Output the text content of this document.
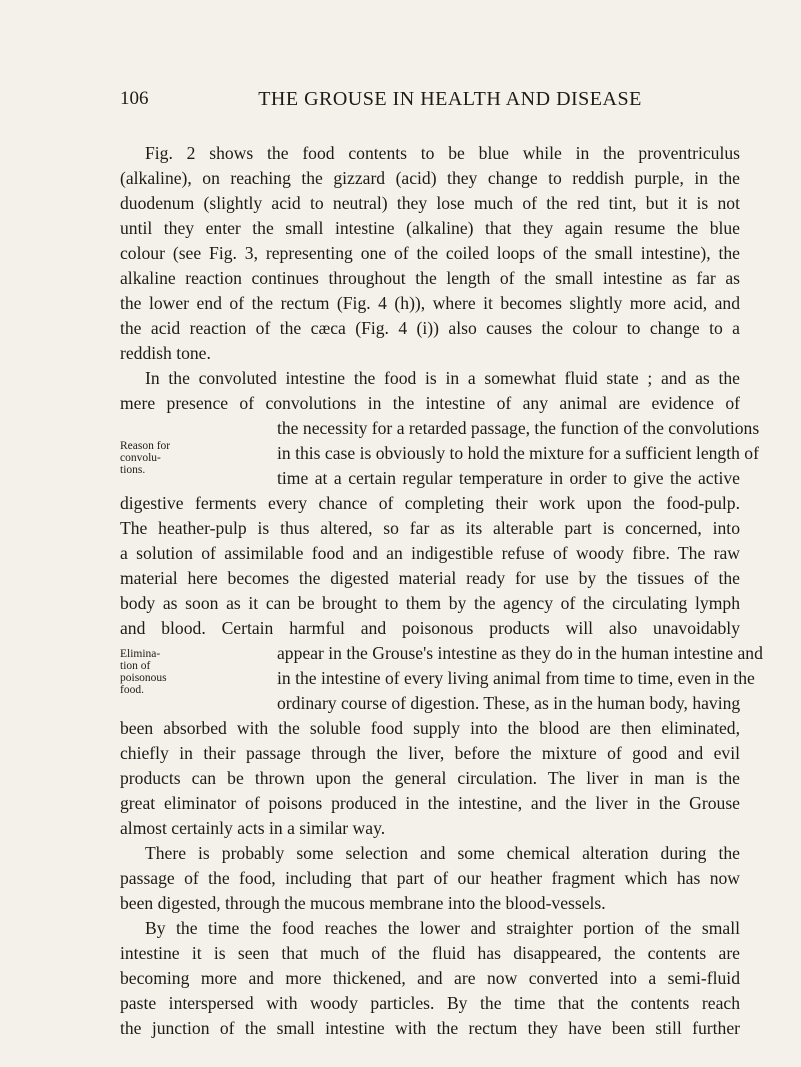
106	THE GROUSE IN HEALTH AND DISEASE
Fig. 2 shows the food contents to be blue while in the proventriculus
(alkaline), on reaching the gizzard (acid) they change to reddish purple, in the
duodenum (slightly acid to neutral) they lose much of the red tint, but it is not
until they enter the small intestine (alkaline) that they again resume the blue
colour (see Fig. 3, representing one of the coiled loops of the small intestine), the
alkaline reaction continues throughout the length of the small intestine as far as
the lower end of the rectum (Fig. 4 (h)), where it becomes slightly more acid, and
the acid reaction of the cæca (Fig. 4 (i)) also causes the colour to change to a
reddish tone.
In the convoluted intestine the food is in a somewhat fluid state ; and as the
mere presence of convolutions in the intestine of any animal are evidence of
the necessity for a retarded passage, the function of the convolutions
in this case is obviously to hold the mixture for a sufficient length of
time at a certain regular temperature in order to give the active
Reason for
convolu-
tions.
digestive ferments every chance of completing their work upon the food-pulp.
The heather-pulp is thus altered, so far as its alterable part is concerned, into
a solution of assimilable food and an indigestible refuse of woody fibre. The raw
material here becomes the digested material ready for use by the tissues of the
body as soon as it can be brought to them by the agency of the circulating lymph
and blood. Certain harmful and poisonous products will also unavoidably
appear in the Grouse's intestine as they do in the human intestine and
in the intestine of every living animal from time to time, even in the
ordinary course of digestion. These, as in the human body, having
Elimina-
tion of
poisonous
food.
been absorbed with the soluble food supply into the blood are then eliminated,
chiefly in their passage through the liver, before the mixture of good and evil
products can be thrown upon the general circulation. The liver in man is the
great eliminator of poisons produced in the intestine, and the liver in the Grouse
almost certainly acts in a similar way.
There is probably some selection and some chemical alteration during the
passage of the food, including that part of our heather fragment which has now
been digested, through the mucous membrane into the blood-vessels.
By the time the food reaches the lower and straighter portion of the small
intestine it is seen that much of the fluid has disappeared, the contents are
becoming more and more thickened, and are now converted into a semi-fluid
paste interspersed with woody particles. By the time that the contents reach
the junction of the small intestine with the rectum they have been still further
